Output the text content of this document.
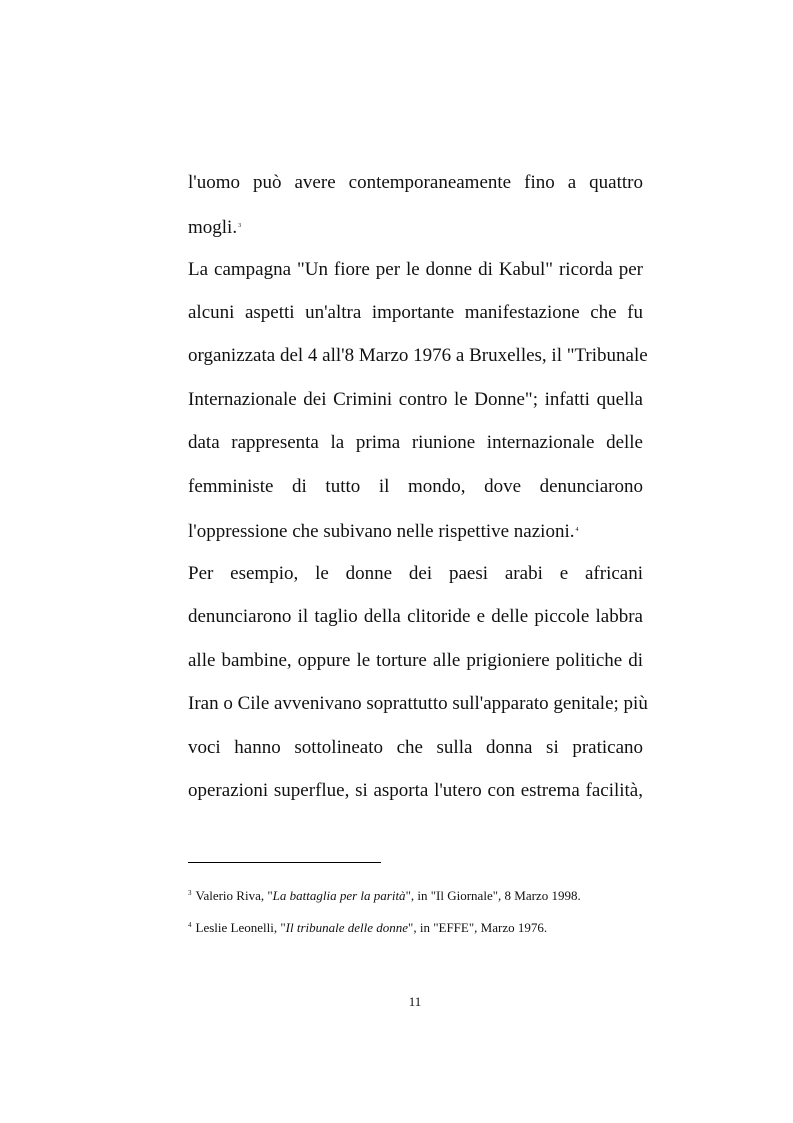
l'uomo può avere contemporaneamente fino a quattro
mogli.$^3$
La campagna "Un fiore per le donne di Kabul" ricorda per
alcuni aspetti un'altra importante manifestazione che fu
organizzata del 4 all'8 Marzo 1976 a Bruxelles, il "Tribunale
Internazionale dei Crimini contro le Donne"; infatti quella
data rappresenta la prima riunione internazionale delle
femministe di tutto il mondo, dove denunciarono
l'oppressione che subivano nelle rispettive nazioni.$^4$
Per esempio, le donne dei paesi arabi e africani
denunciarono il taglio della clitoride e delle piccole labbra
alle bambine, oppure le torture alle prigioniere politiche di
Iran o Cile avvenivano soprattutto sull'apparato genitale; più
voci hanno sottolineato che sulla donna si praticano
operazioni superflue, si asporta l'utero con estrema facilità,
$^3$ Valerio Riva, "La battaglia per la parità", in "Il Giornale", 8 Marzo 1998.
$^4$ Leslie Leonelli, "Il tribunale delle donne", in "EFFE", Marzo 1976.
11
